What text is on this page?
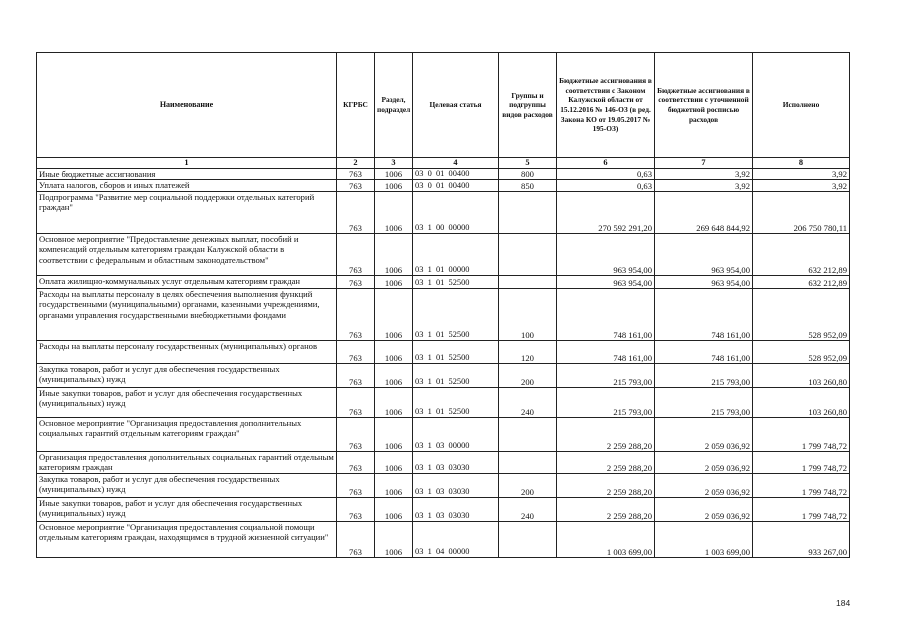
Наименование	КГРБС	Раздел, подраздел	Целевая статья	Группы и подгруппы видов расходов	Бюджетные ассигнования в соответствии с Законом Калужской области от 15.12.2016 № 146-ОЗ (в ред. Закона КО от 19.05.2017 № 195-ОЗ)	Бюджетные ассигнования в соответствии с уточненной бюджетной росписью расходов	Исполнено
1	2	3	4	5	6	7	8
Иные бюджетные ассигнования	763	1006	03  0  01  00400	800	0,63	3,92	3,92
Уплата налогов, сборов и иных платежей	763	1006	03  0  01  00400	850	0,63	3,92	3,92
Подпрограмма "Развитие мер социальной поддержки отдельных категорий граждан"	763	1006	03  1  00  00000		270 592 291,20	269 648 844,92	206 750 780,11
Основное мероприятие "Предоставление денежных выплат, пособий и компенсаций отдельным категориям граждан Калужской области в соответствии с федеральным и областным законодательством"	763	1006	03  1  01  00000		963 954,00	963 954,00	632 212,89
Оплата жилищно-коммунальных услуг отдельным категориям граждан	763	1006	03  1  01  52500		963 954,00	963 954,00	632 212,89
Расходы на выплаты персоналу в целях обеспечения выполнения функций государственными (муниципальными) органами, казенными учреждениями, органами управления государственными внебюджетными фондами	763	1006	03  1  01  52500	100	748 161,00	748 161,00	528 952,09
Расходы на выплаты персоналу государственных (муниципальных) органов	763	1006	03  1  01  52500	120	748 161,00	748 161,00	528 952,09
Закупка товаров, работ и услуг для обеспечения государственных (муниципальных) нужд	763	1006	03  1  01  52500	200	215 793,00	215 793,00	103 260,80
Иные закупки товаров, работ и услуг для обеспечения государственных (муниципальных) нужд	763	1006	03  1  01  52500	240	215 793,00	215 793,00	103 260,80
Основное мероприятие "Организация предоставления дополнительных социальных гарантий отдельным категориям граждан"	763	1006	03  1  03  00000		2 259 288,20	2 059 036,92	1 799 748,72
Организация предоставления дополнительных социальных гарантий отдельным категориям граждан	763	1006	03  1  03  03030		2 259 288,20	2 059 036,92	1 799 748,72
Закупка товаров, работ и услуг для обеспечения государственных (муниципальных) нужд	763	1006	03  1  03  03030	200	2 259 288,20	2 059 036,92	1 799 748,72
Иные закупки товаров, работ и услуг для обеспечения государственных (муниципальных) нужд	763	1006	03  1  03  03030	240	2 259 288,20	2 059 036,92	1 799 748,72
Основное мероприятие "Организация предоставления социальной помощи отдельным категориям граждан, находящимся в трудной жизненной ситуации"	763	1006	03  1  04  00000		1 003 699,00	1 003 699,00	933 267,00
184
